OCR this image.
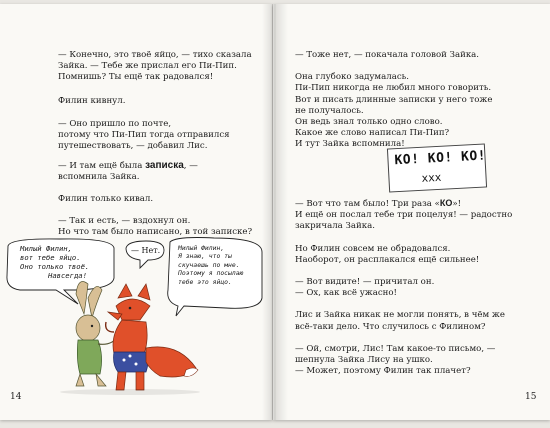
— Конечно, это твоё яйцо, — тихо сказала
Зайка. — Тебе же прислал его Пи-Пип.
Помнишь? Ты ещё так радовался!
Филин кивнул.
— Оно пришло по почте,
потому что Пи-Пип тогда отправился
путешествовать, — добавил Лис.
— И там ещё была записка, —
вспомнила Зайка.
Филин только кивал.
— Так и есть, — вздохнул он.
Но что там было написано, в той записке?
Милый Филин,
вот тебе яйцо.
Оно только твоё.
Навсегда!
— Нет.	Милый Филин,
Я знаю, что ты
скучаешь по мне.
Поэтому я посылаю
тебе это яйцо.
14
— Тоже нет, — покачала головой Зайка.
Она глубоко задумалась.
Пи-Пип никогда не любил много говорить.
Вот и писать длинные записки у него тоже
не получалось.
Он ведь знал только одно слово.
Какое же слово написал Пи-Пип?
И тут Зайка вспомнила!
— Вот что там было! Три раза «КО»!
И ещё он послал тебе три поцелуя! — радостно
закричала Зайка.
Но Филин совсем не обрадовался.
Наоборот, он расплакался ещё сильнее!
— Вот видите! — причитал он.
— Ох, как всё ужасно!
Лис и Зайка никак не могли понять, в чём же
всё-таки дело. Что случилось с Филином?
— Ой, смотри, Лис! Там какое-то письмо, —
шепнула Зайка Лису на ушко.
— Может, поэтому Филин так плачет?
15
КО! КО! КО!
ххх
